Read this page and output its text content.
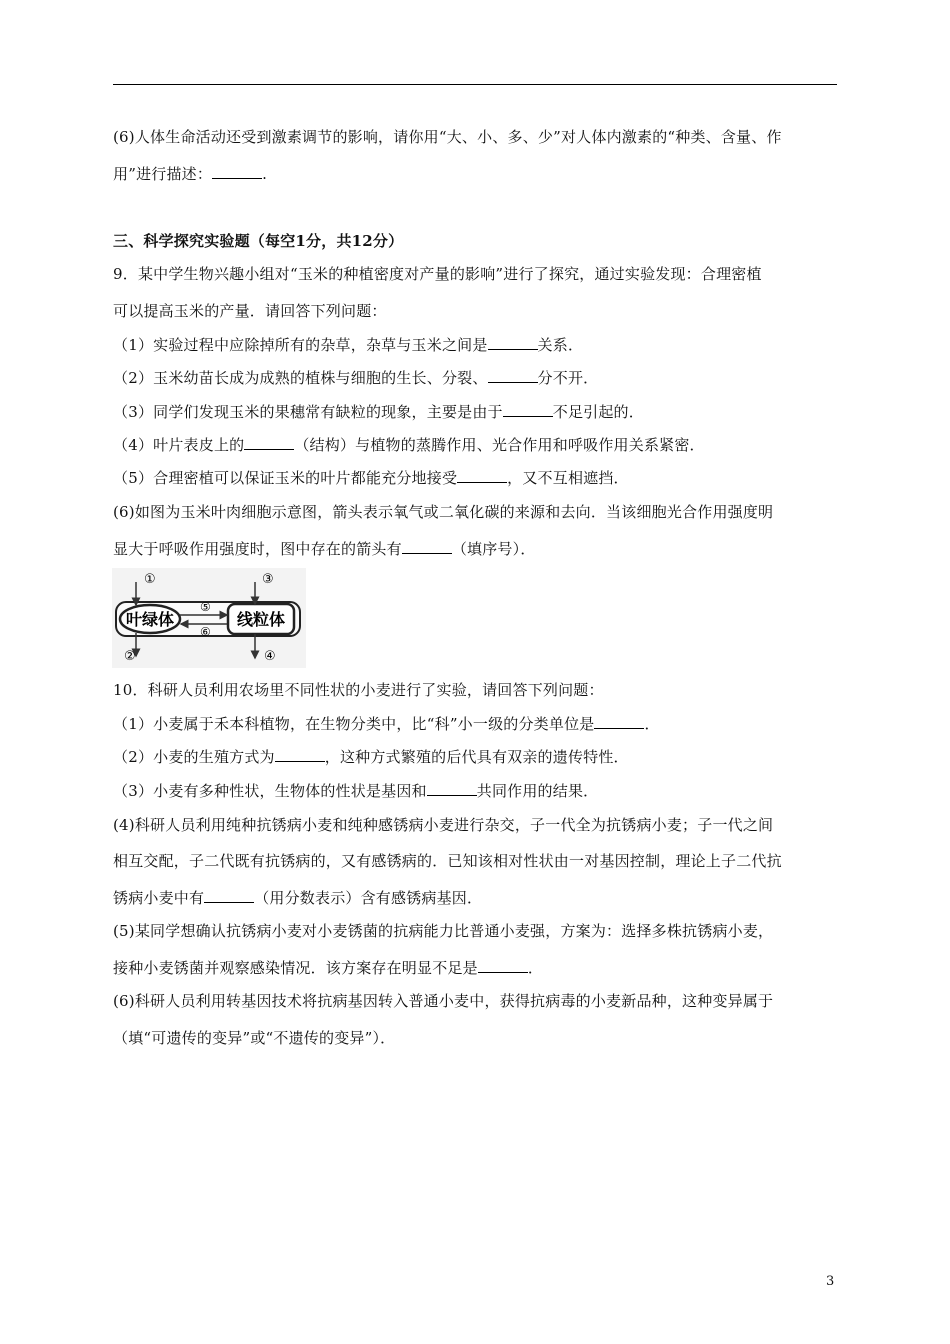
(6)人体生命活动还受到激素调节的影响，请你用“大、小、多、少”对人体内激素的“种类、含量、作
用”进行描述：	.
三、科学探究实验题（每空1分，共12分）
9．某中学生物兴趣小组对“玉米的种植密度对产量的影响”进行了探究，通过实验发现：合理密植
可以提高玉米的产量．请回答下列问题：
（1）实验过程中应除掉所有的杂草，杂草与玉米之间是	关系．
（2）玉米幼苗长成为成熟的植株与细胞的生长、分裂、	分不开．
（3）同学们发现玉米的果穗常有缺粒的现象，主要是由于	不足引起的．
（4）叶片表皮上的	（结构）与植物的蒸腾作用、光合作用和呼吸作用关系紧密．
（5）合理密植可以保证玉米的叶片都能充分地接受	，又不互相遮挡．
(6)如图为玉米叶肉细胞示意图，箭头表示氧气或二氧化碳的来源和去向．当该细胞光合作用强度明
显大于呼吸作用强度时，图中存在的箭头有	（填序号）．
叶绿体	线粒体
①
②
③
④
⑤
⑥
10．科研人员利用农场里不同性状的小麦进行了实验，请回答下列问题：
（1）小麦属于禾本科植物，在生物分类中，比“科”小一级的分类单位是	．
（2）小麦的生殖方式为	，这种方式繁殖的后代具有双亲的遗传特性．
（3）小麦有多种性状，生物体的性状是基因和	共同作用的结果．
(4)科研人员利用纯种抗锈病小麦和纯种感锈病小麦进行杂交，子一代全为抗锈病小麦；子一代之间
相互交配，子二代既有抗锈病的，又有感锈病的．已知该相对性状由一对基因控制，理论上子二代抗
锈病小麦中有	（用分数表示）含有感锈病基因．
(5)某同学想确认抗锈病小麦对小麦锈菌的抗病能力比普通小麦强，方案为：选择多株抗锈病小麦，
接种小麦锈菌并观察感染情况．该方案存在明显不足是	．
(6)科研人员利用转基因技术将抗病基因转入普通小麦中，获得抗病毒的小麦新品种，这种变异属于
（填“可遗传的变异”或“不遗传的变异”）．
3
